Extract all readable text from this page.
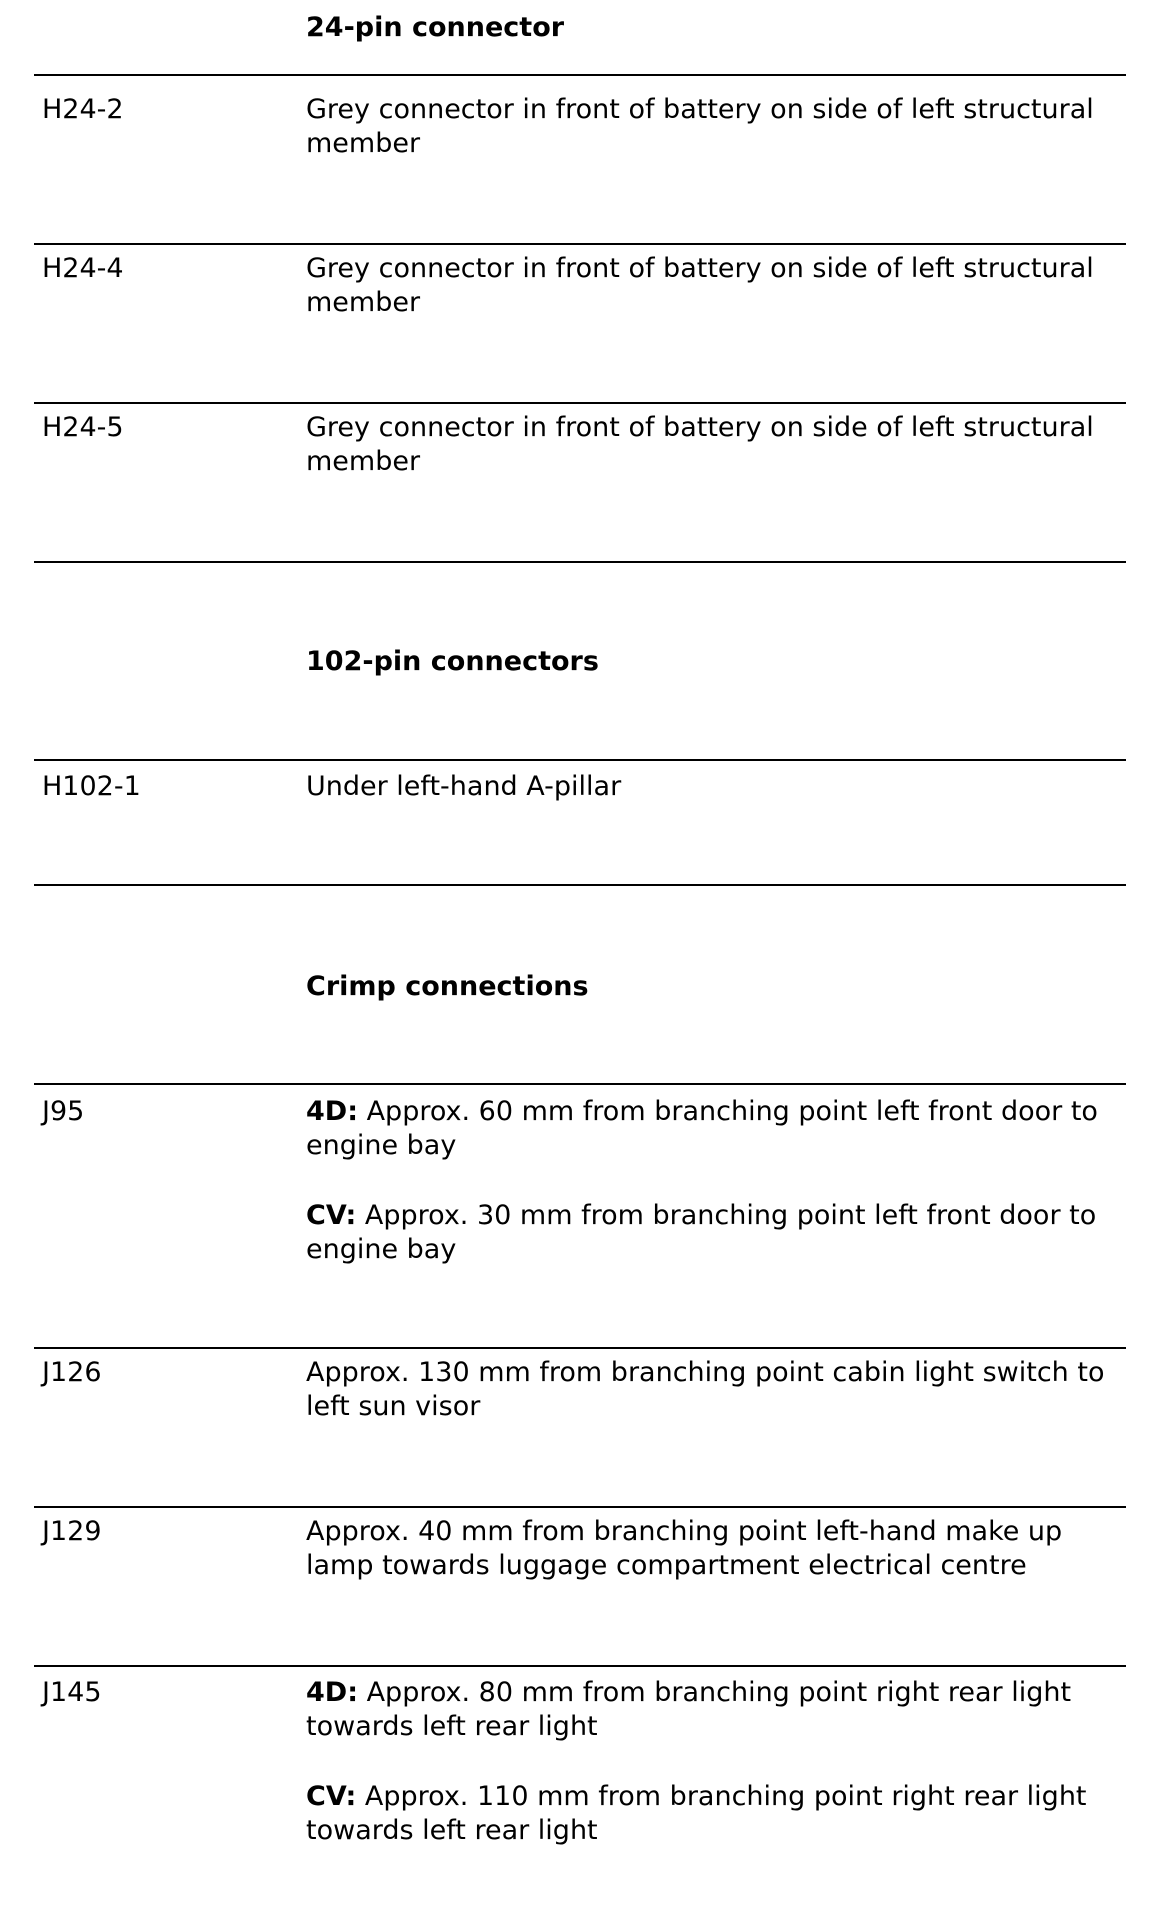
24-pin connector
H24-2	Grey connector in front of battery on side of left structural member

H24-4	Grey connector in front of battery on side of left structural member

H24-5	Grey connector in front of battery on side of left structural member

102-pin connectors
H102-1	Under left-hand A-pillar

Crimp connections
J95	4D: Approx. 60 mm from branching point left front door to engine bay

CV: Approx. 30 mm from branching point left front door to engine bay

J126	Approx. 130 mm from branching point cabin light switch to left sun visor

J129	Approx. 40 mm from branching point left-hand make up lamp towards luggage compartment electrical centre

J145	4D: Approx. 80 mm from branching point right rear light towards left rear light

CV: Approx. 110 mm from branching point right rear light towards left rear light
